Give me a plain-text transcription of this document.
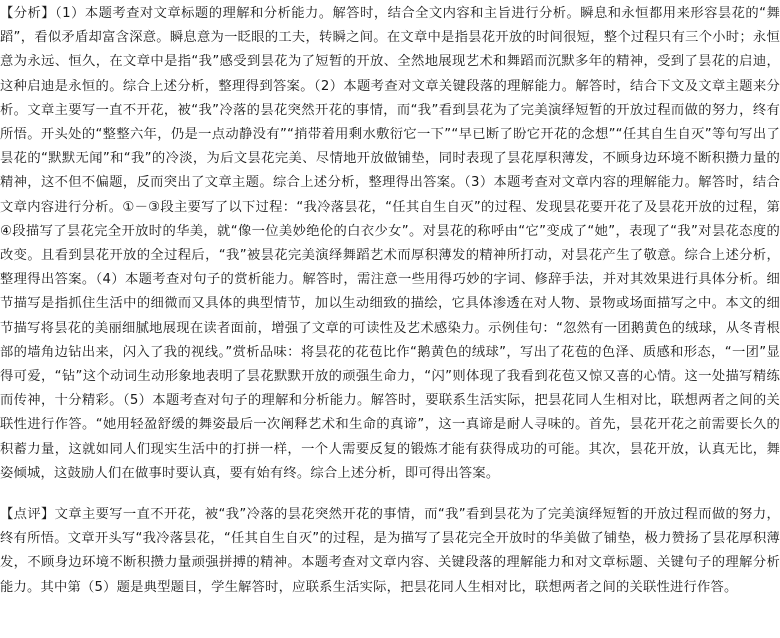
【分析】（1）本题考查对文章标题的理解和分析能力。解答时，结合全文内容和主旨进行分析。瞬息和永恒都用来形容昙花的“舞蹈”，看似矛盾却富含深意。瞬息意为一眨眼的工夫，转瞬之间。在文章中是指昙花开放的时间很短，整个过程只有三个小时；永恒意为永远、恒久，在文章中是指“我”感受到昙花为了短暂的开放、全然地展现艺术和舞蹈而沉默多年的精神，受到了昙花的启迪，这种启迪是永恒的。综合上述分析，整理得到答案。（2）本题考查对文章关键段落的理解能力。解答时，结合下文及文章主题来分析。文章主要写一直不开花，被“我”冷落的昙花突然开花的事情，而“我”看到昙花为了完美演绎短暂的开放过程而做的努力，终有所悟。开头处的“整整六年，仍是一点动静没有”“捎带着用剩水敷衍它一下”“早已断了盼它开花的念想”“任其自生自灭”等句写出了昙花的“默默无闻”和“我”的冷淡，为后文昙花完美、尽情地开放做铺垫，同时表现了昙花厚积薄发，不顾身边环境不断积攒力量的精神，这不但不偏题，反而突出了文章主题。综合上述分析，整理得出答案。（3）本题考查对文章内容的理解能力。解答时，结合文章内容进行分析。①－③段主要写了以下过程：“我冷落昙花，“任其自生自灭”的过程、发现昙花要开花了及昙花开放的过程，第④段描写了昙花完全开放时的华美，就“像一位美妙绝伦的白衣少女”。对昙花的称呼由“它”变成了“她”，表现了“我”对昙花态度的改变。且看到昙花开放的全过程后，“我”被昙花完美演绎舞蹈艺术而厚积薄发的精神所打动，对昙花产生了敬意。综合上述分析，整理得出答案。（4）本题考查对句子的赏析能力。解答时，需注意一些用得巧妙的字词、修辞手法，并对其效果进行具体分析。细节描写是指抓住生活中的细微而又具体的典型情节，加以生动细致的描绘，它具体渗透在对人物、景物或场面描写之中。本文的细节描写将昙花的美丽细腻地展现在读者面前，增强了文章的可读性及艺术感染力。示例佳句：“忽然有一团鹅黄色的绒球，从冬青根部的墙角边钻出来，闪入了我的视线。”赏析品味：将昙花的花苞比作“鹅黄色的绒球”，写出了花苞的色泽、质感和形态，“一团”显得可爱，“钻”这个动词生动形象地表明了昙花默默开放的顽强生命力，“闪”则体现了我看到花苞又惊又喜的心情。这一处描写精练而传神，十分精彩。（5）本题考查对句子的理解和分析能力。解答时，要联系生活实际，把昙花同人生相对比，联想两者之间的关联性进行作答。“她用轻盈舒缓的舞姿最后一次阐释艺术和生命的真谛”，这一真谛是耐人寻味的。首先，昙花开花之前需要长久的积蓄力量，这就如同人们现实生活中的打拼一样，一个人需要反复的锻炼才能有获得成功的可能。其次，昙花开放，认真无比，舞姿倾城，这鼓励人们在做事时要认真，要有始有终。综合上述分析，即可得出答案。

【点评】文章主要写一直不开花，被“我”冷落的昙花突然开花的事情，而“我”看到昙花为了完美演绎短暂的开放过程而做的努力，终有所悟。文章开头写“我冷落昙花，“任其自生自灭”的过程，是为描写了昙花完全开放时的华美做了铺垫，极力赞扬了昙花厚积薄发，不顾身边环境不断积攒力量顽强拼搏的精神。本题考查对文章内容、关键段落的理解能力和对文章标题、关键句子的理解分析能力。其中第（5）题是典型题目，学生解答时，应联系生活实际，把昙花同人生相对比，联想两者之间的关联性进行作答。
